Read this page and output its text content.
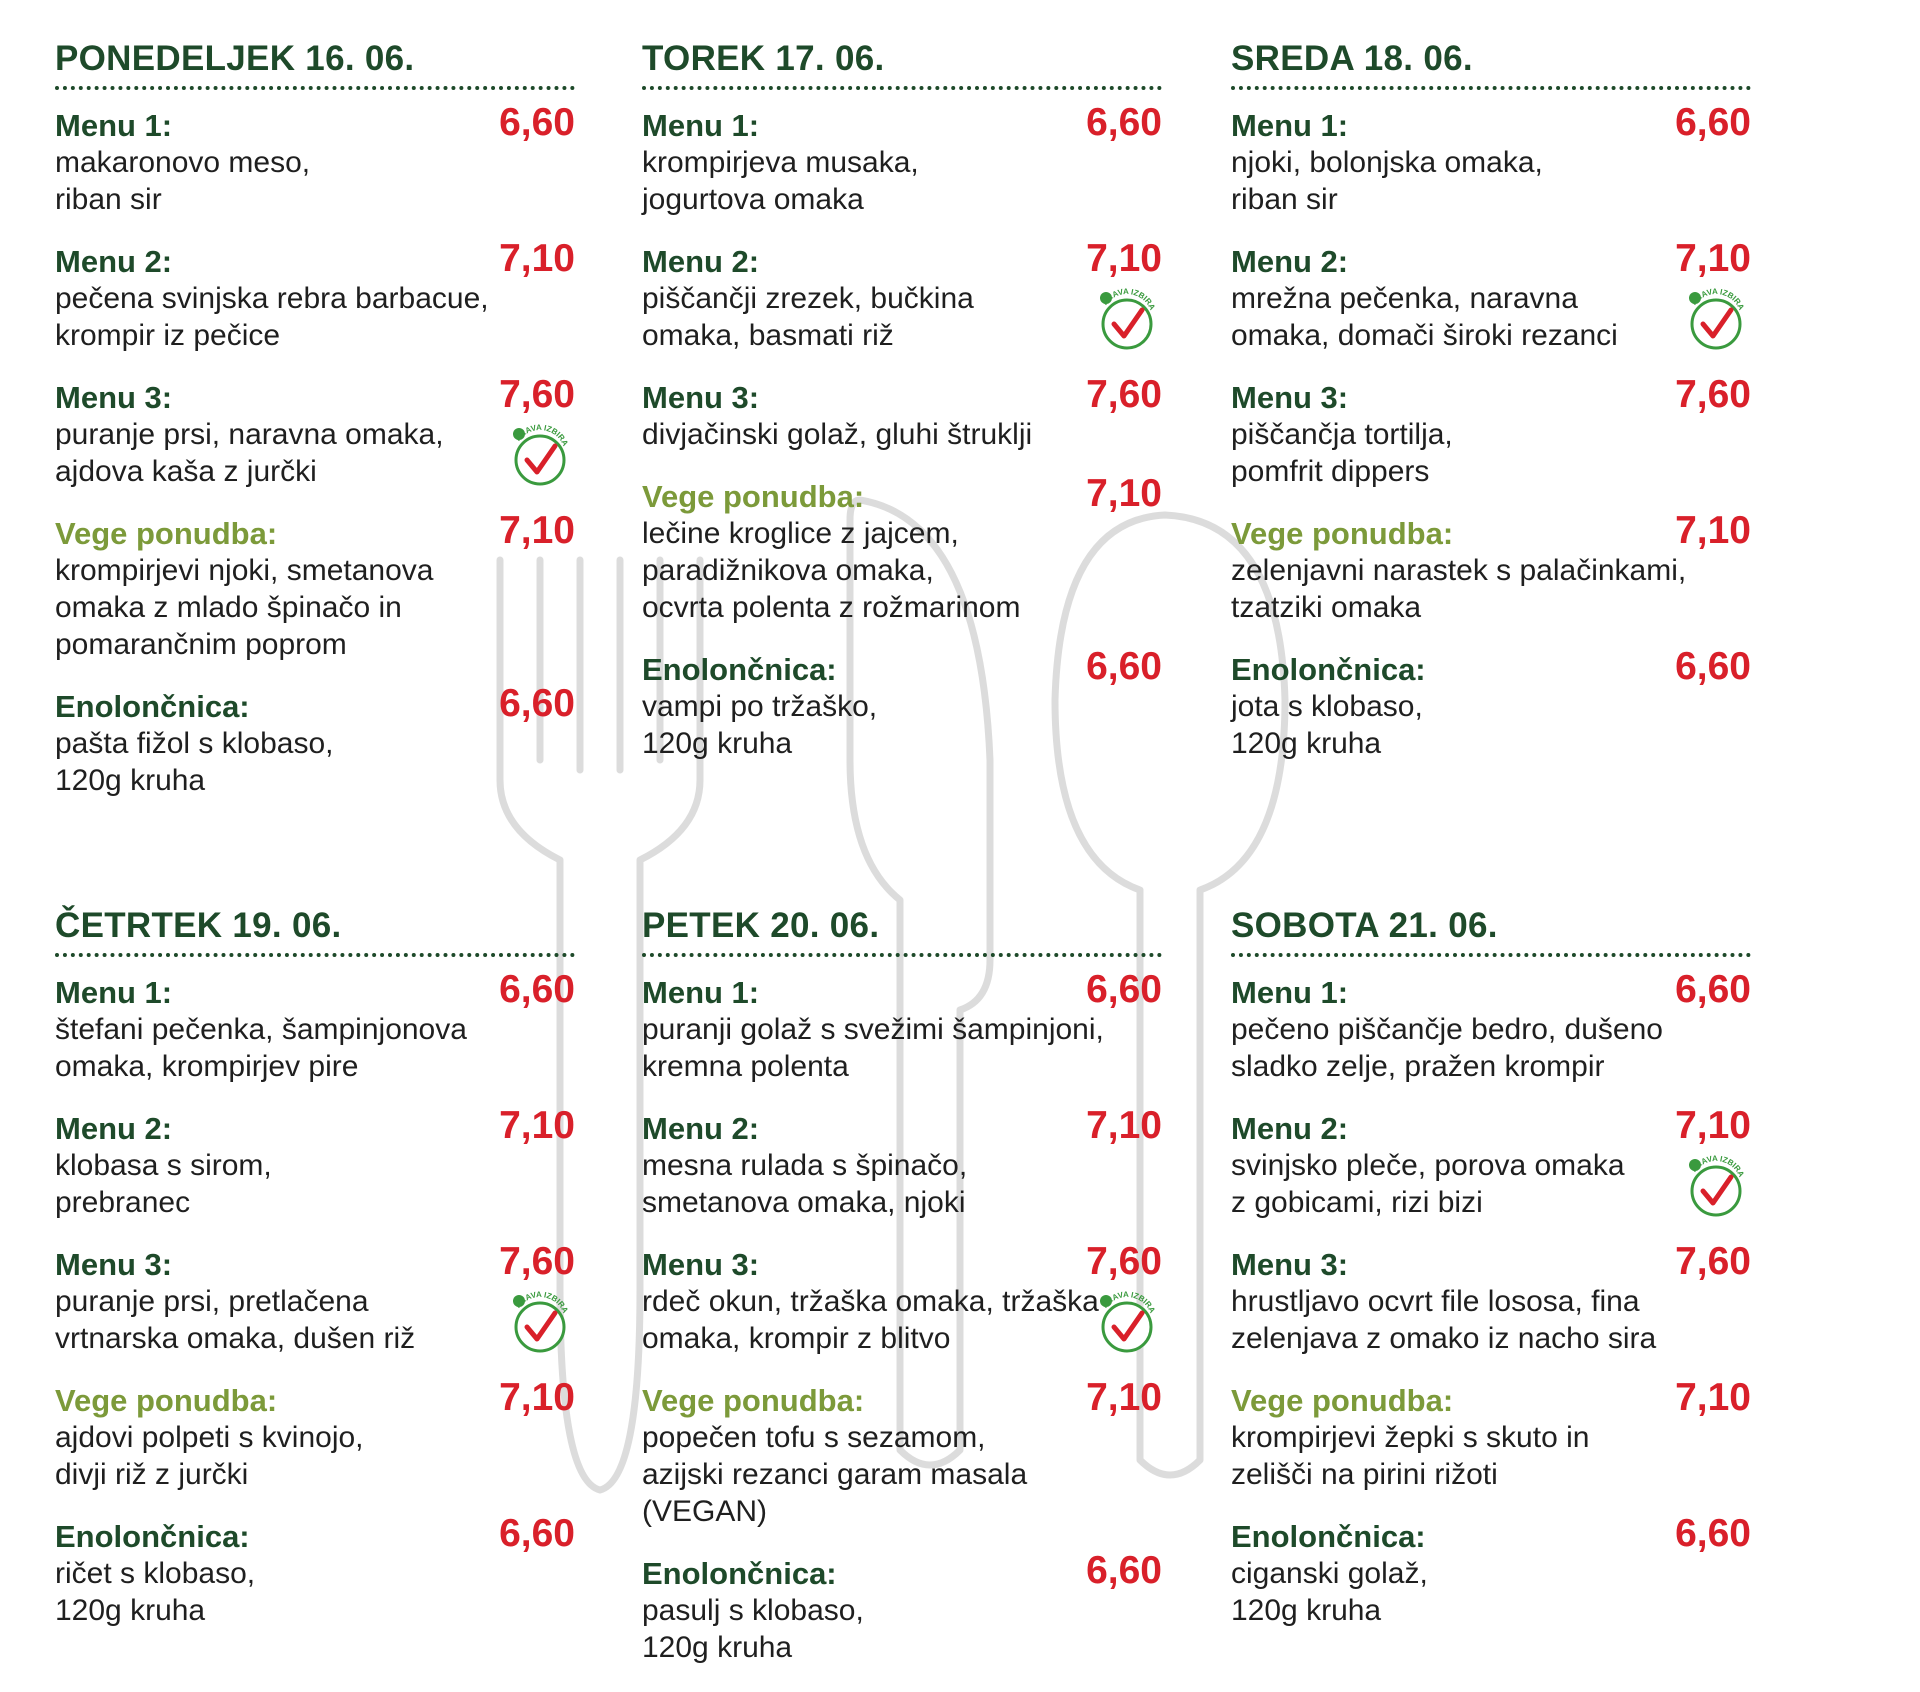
PONEDELJEK 16. 06.
Menu 1:	6,60
makaronovo meso,
riban sir
Menu 2:	7,10
pečena svinjska rebra barbacue,
krompir iz pečice
Menu 3:	7,60
puranje prsi, naravna omaka,
ajdova kaša z jurčki
PRAVA IZBIRA
Vege ponudba:	7,10
krompirjevi njoki, smetanova
omaka z mlado špinačo in
pomarančnim poprom
Enolončnica:	6,60
pašta fižol s klobaso,
120g kruha
TOREK 17. 06.
Menu 1:	6,60
krompirjeva musaka,
jogurtova omaka
Menu 2:	7,10
piščančji zrezek, bučkina
omaka, basmati riž
PRAVA IZBIRA
Menu 3:	7,60
divjačinski golaž, gluhi štruklji
Vege ponudba:	7,10
lečine kroglice z jajcem,
paradižnikova omaka,
ocvrta polenta z rožmarinom
Enolončnica:	6,60
vampi po tržaško,
120g kruha
SREDA 18. 06.
Menu 1:	6,60
njoki, bolonjska omaka,
riban sir
Menu 2:	7,10
mrežna pečenka, naravna
omaka, domači široki rezanci
PRAVA IZBIRA
Menu 3:	7,60
piščančja tortilja,
pomfrit dippers
Vege ponudba:	7,10
zelenjavni narastek s palačinkami,
tzatziki omaka
Enolončnica:	6,60
jota s klobaso,
120g kruha
ČETRTEK 19. 06.
Menu 1:	6,60
štefani pečenka, šampinjonova
omaka, krompirjev pire
Menu 2:	7,10
klobasa s sirom,
prebranec
Menu 3:	7,60
puranje prsi, pretlačena
vrtnarska omaka, dušen riž
PRAVA IZBIRA
Vege ponudba:	7,10
ajdovi polpeti s kvinojo,
divji riž z jurčki
Enolončnica:	6,60
ričet s klobaso,
120g kruha
PETEK 20. 06.
Menu 1:	6,60
puranji golaž s svežimi šampinjoni,
kremna polenta
Menu 2:	7,10
mesna rulada s špinačo,
smetanova omaka, njoki
Menu 3:	7,60
rdeč okun, tržaška omaka, tržaška
omaka, krompir z blitvo
PRAVA IZBIRA
Vege ponudba:	7,10
popečen tofu s sezamom,
azijski rezanci garam masala
(VEGAN)
Enolončnica:	6,60
pasulj s klobaso,
120g kruha
SOBOTA 21. 06.
Menu 1:	6,60
pečeno piščančje bedro, dušeno
sladko zelje, pražen krompir
Menu 2:	7,10
svinjsko pleče, porova omaka
z gobicami, rizi bizi
PRAVA IZBIRA
Menu 3:	7,60
hrustljavo ocvrt file lososa, fina
zelenjava z omako iz nacho sira
Vege ponudba:	7,10
krompirjevi žepki s skuto in
zelišči na pirini rižoti
Enolončnica:	6,60
ciganski golaž,
120g kruha
